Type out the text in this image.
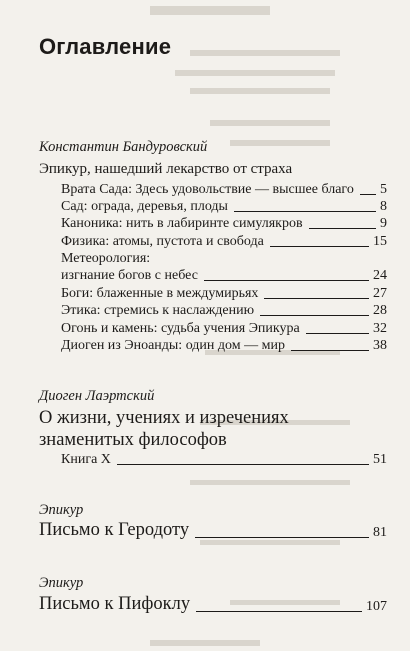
Оглавление
Константин Бандуровский
Эпикур, нашедший лекарство от страха
Врата Сада: Здесь удовольствие — высшее благо 5
Сад: ограда, деревья, плоды	8
Каноника: нить в лабиринте симулякров	9
Физика: атомы, пустота и свобода	15
Метеорология:
изгнание богов с небес	24
Боги: блаженные в междумирьях	27
Этика: стремись к наслаждению	28
Огонь и камень: судьба учения Эпикура	32
Диоген из Эноанды: один дом — мир	38
Диоген Лаэртский
О жизни, учениях и изречениях
знаменитых философов
Книга X	51
Эпикур
Письмо к Геродоту	81
Эпикур
Письмо к Пифоклу	107
